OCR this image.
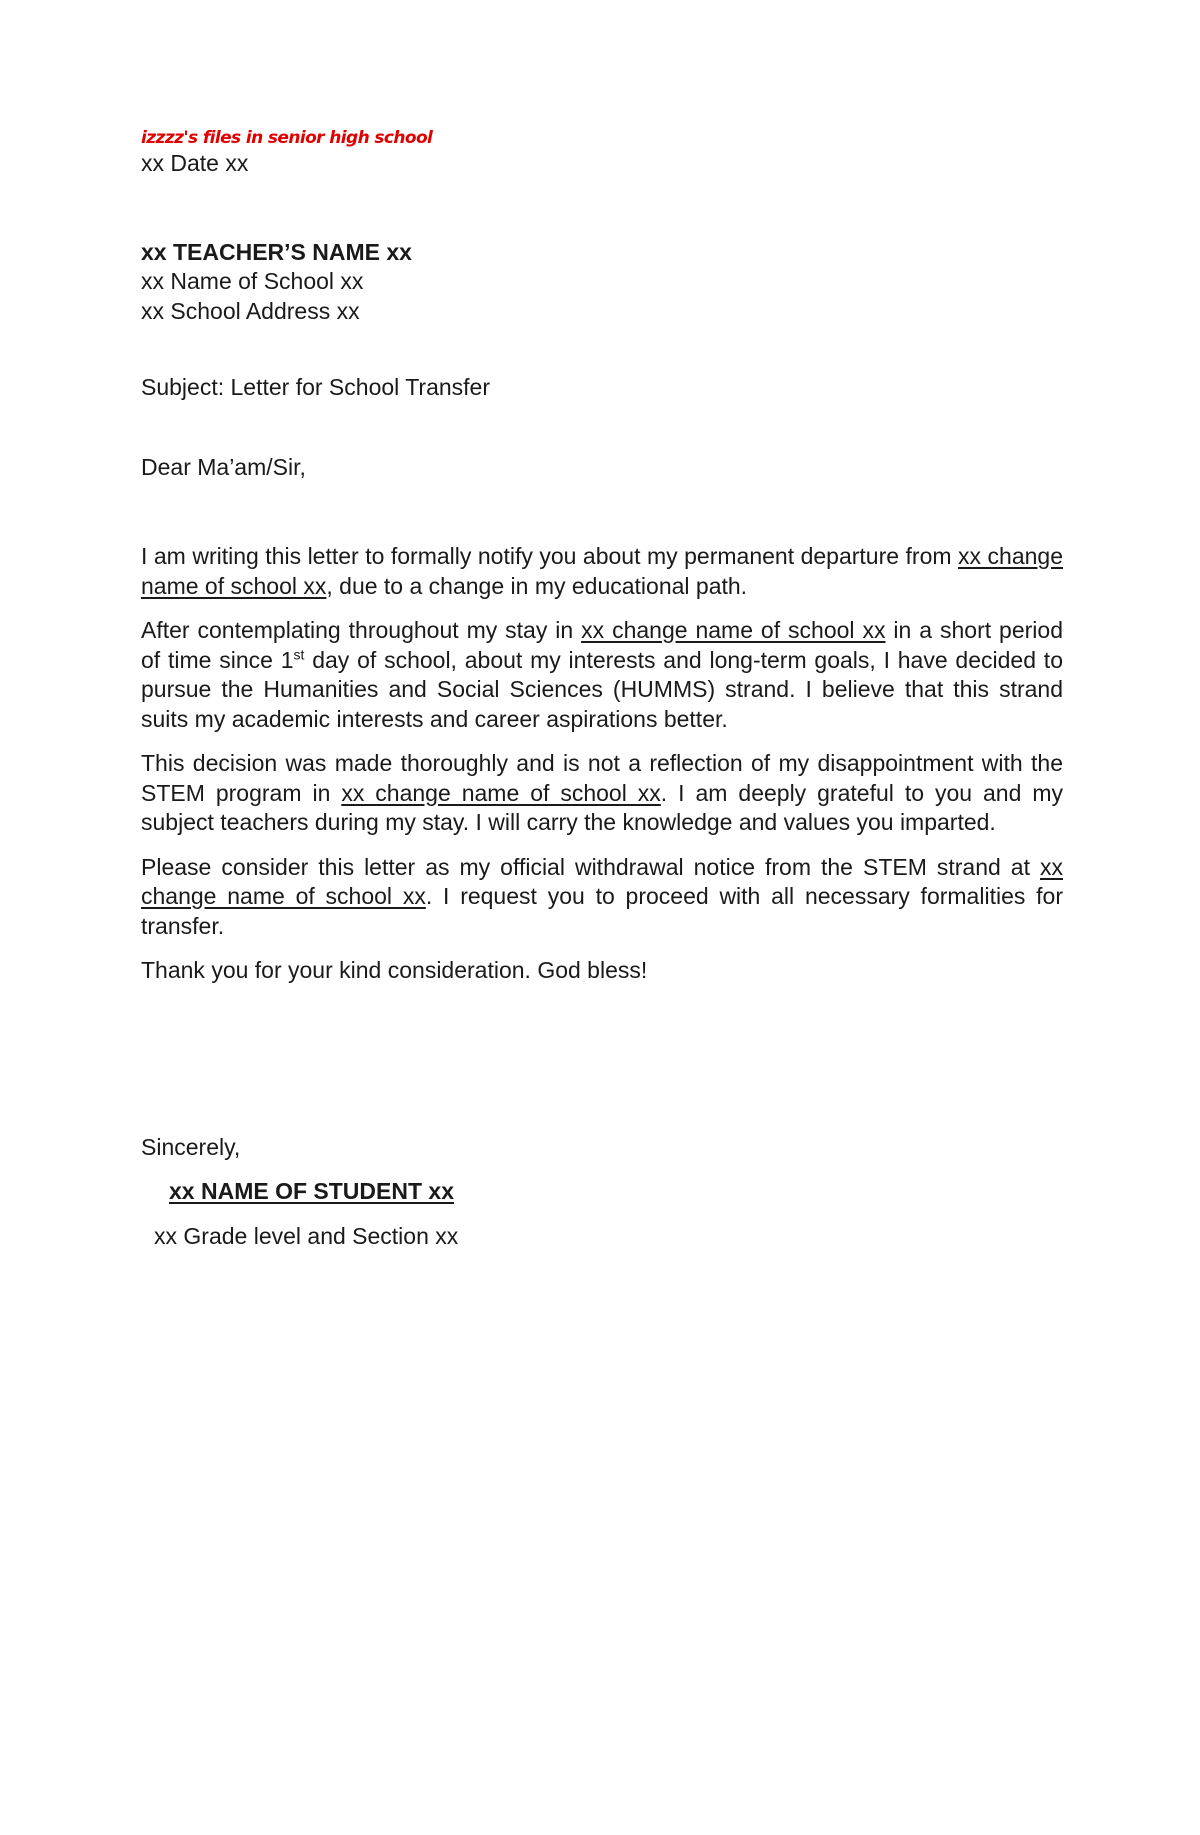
izzzz's files in senior high school

xx Date xx

xx TEACHER’S NAME xx

xx Name of School xx

xx School Address xx

Subject: Letter for School Transfer

Dear Ma’am/Sir,

I am writing this letter to formally notify you about my permanent departure from xx change name of school xx, due to a change in my educational path.

After contemplating throughout my stay in xx change name of school xx in a short period of time since 1st day of school, about my interests and long-term goals, I have decided to pursue the Humanities and Social Sciences (HUMMS) strand. I believe that this strand suits my academic interests and career aspirations better.

This decision was made thoroughly and is not a reflection of my disappointment with the STEM program in xx change name of school xx. I am deeply grateful to you and my subject teachers during my stay. I will carry the knowledge and values you imparted.

Please consider this letter as my official withdrawal notice from the STEM strand at xx change name of school xx. I request you to proceed with all necessary formalities for transfer.

Thank you for your kind consideration. God bless!

Sincerely,

xx NAME OF STUDENT xx

xx Grade level and Section xx
